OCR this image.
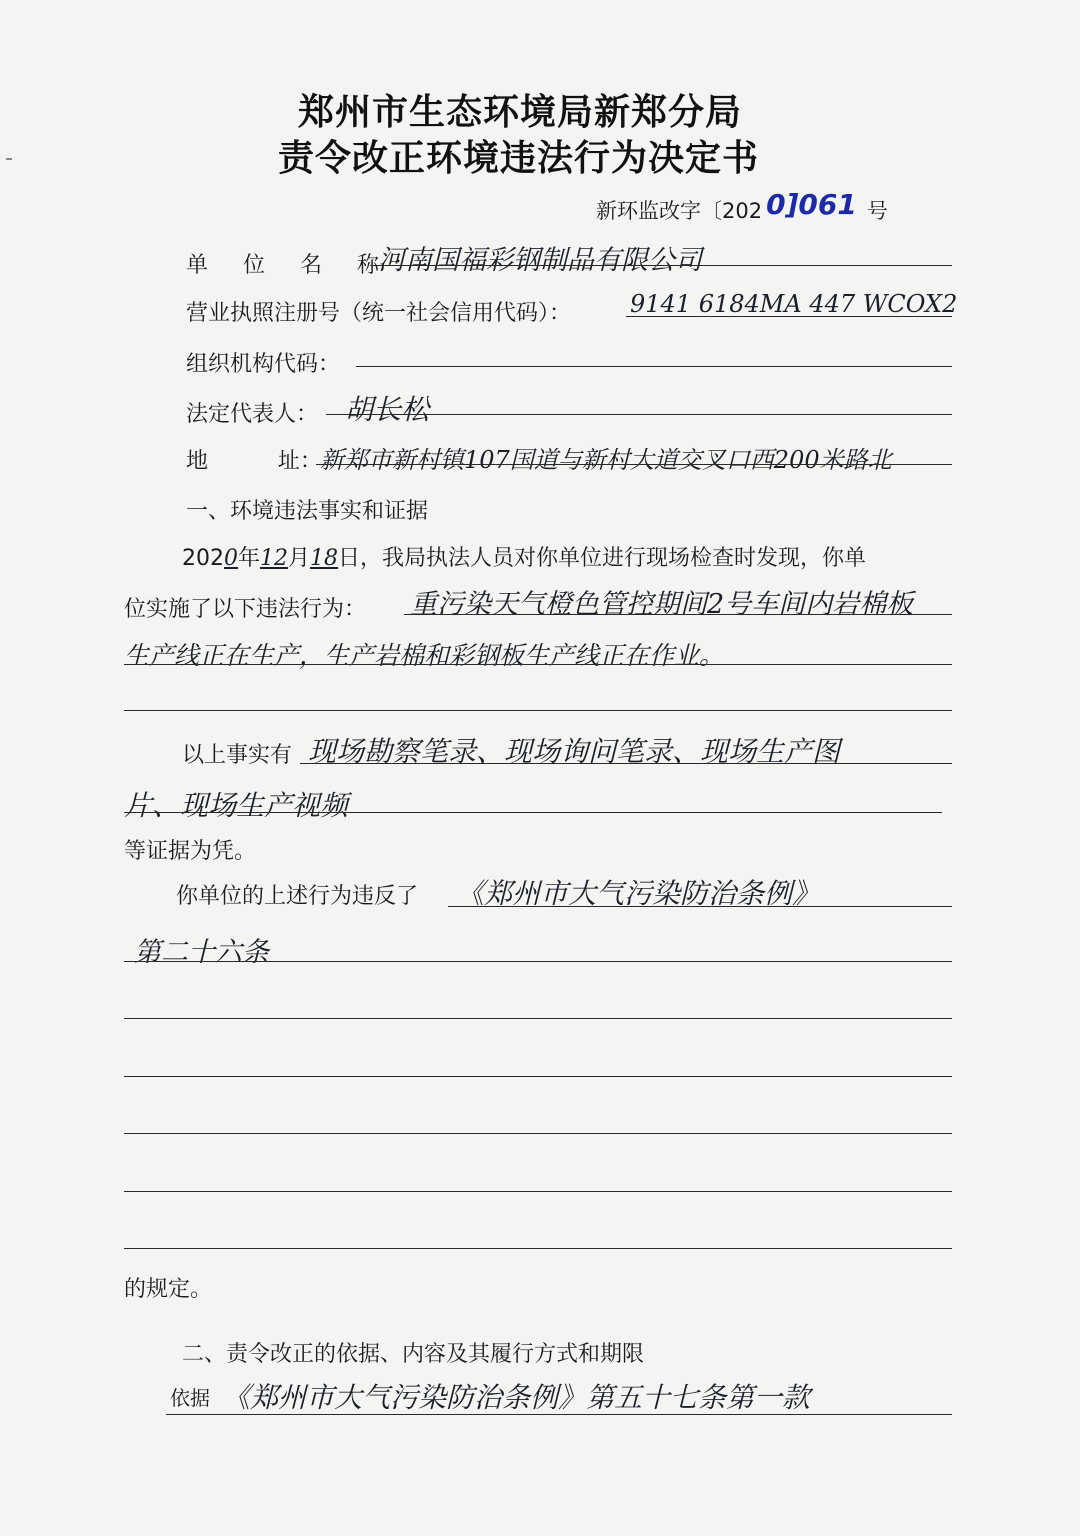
郑州市生态环境局新郑分局
责令改正环境违法行为决定书
新环监改字〔202 0]061 号
单 位 名 称：
河南国福彩钢制品有限公司
营业执照注册号（统一社会信用代码）： 9141 6184MA 447 WCOX2
组织机构代码：
法定代表人： 胡长松
地          址：
新郑市新村镇107国道与新村大道交叉口西200米路北
一、环境违法事实和证据
2020年12月18日，我局执法人员对你单位进行现场检查时发现，你单
位实施了以下违法行为： 重污染天气橙色管控期间2号车间内岩棉板
生产线正在生产，生产岩棉和彩钢板生产线正在作业。
以上事实有 现场勘察笔录、现场询问笔录、现场生产图
片、现场生产视频
等证据为凭。
你单位的上述行为违反了 《郑州市大气污染防治条例》
第二十六条
的规定。
二、责令改正的依据、内容及其履行方式和期限
依据 《郑州市大气污染防治条例》第五十七条第一款
